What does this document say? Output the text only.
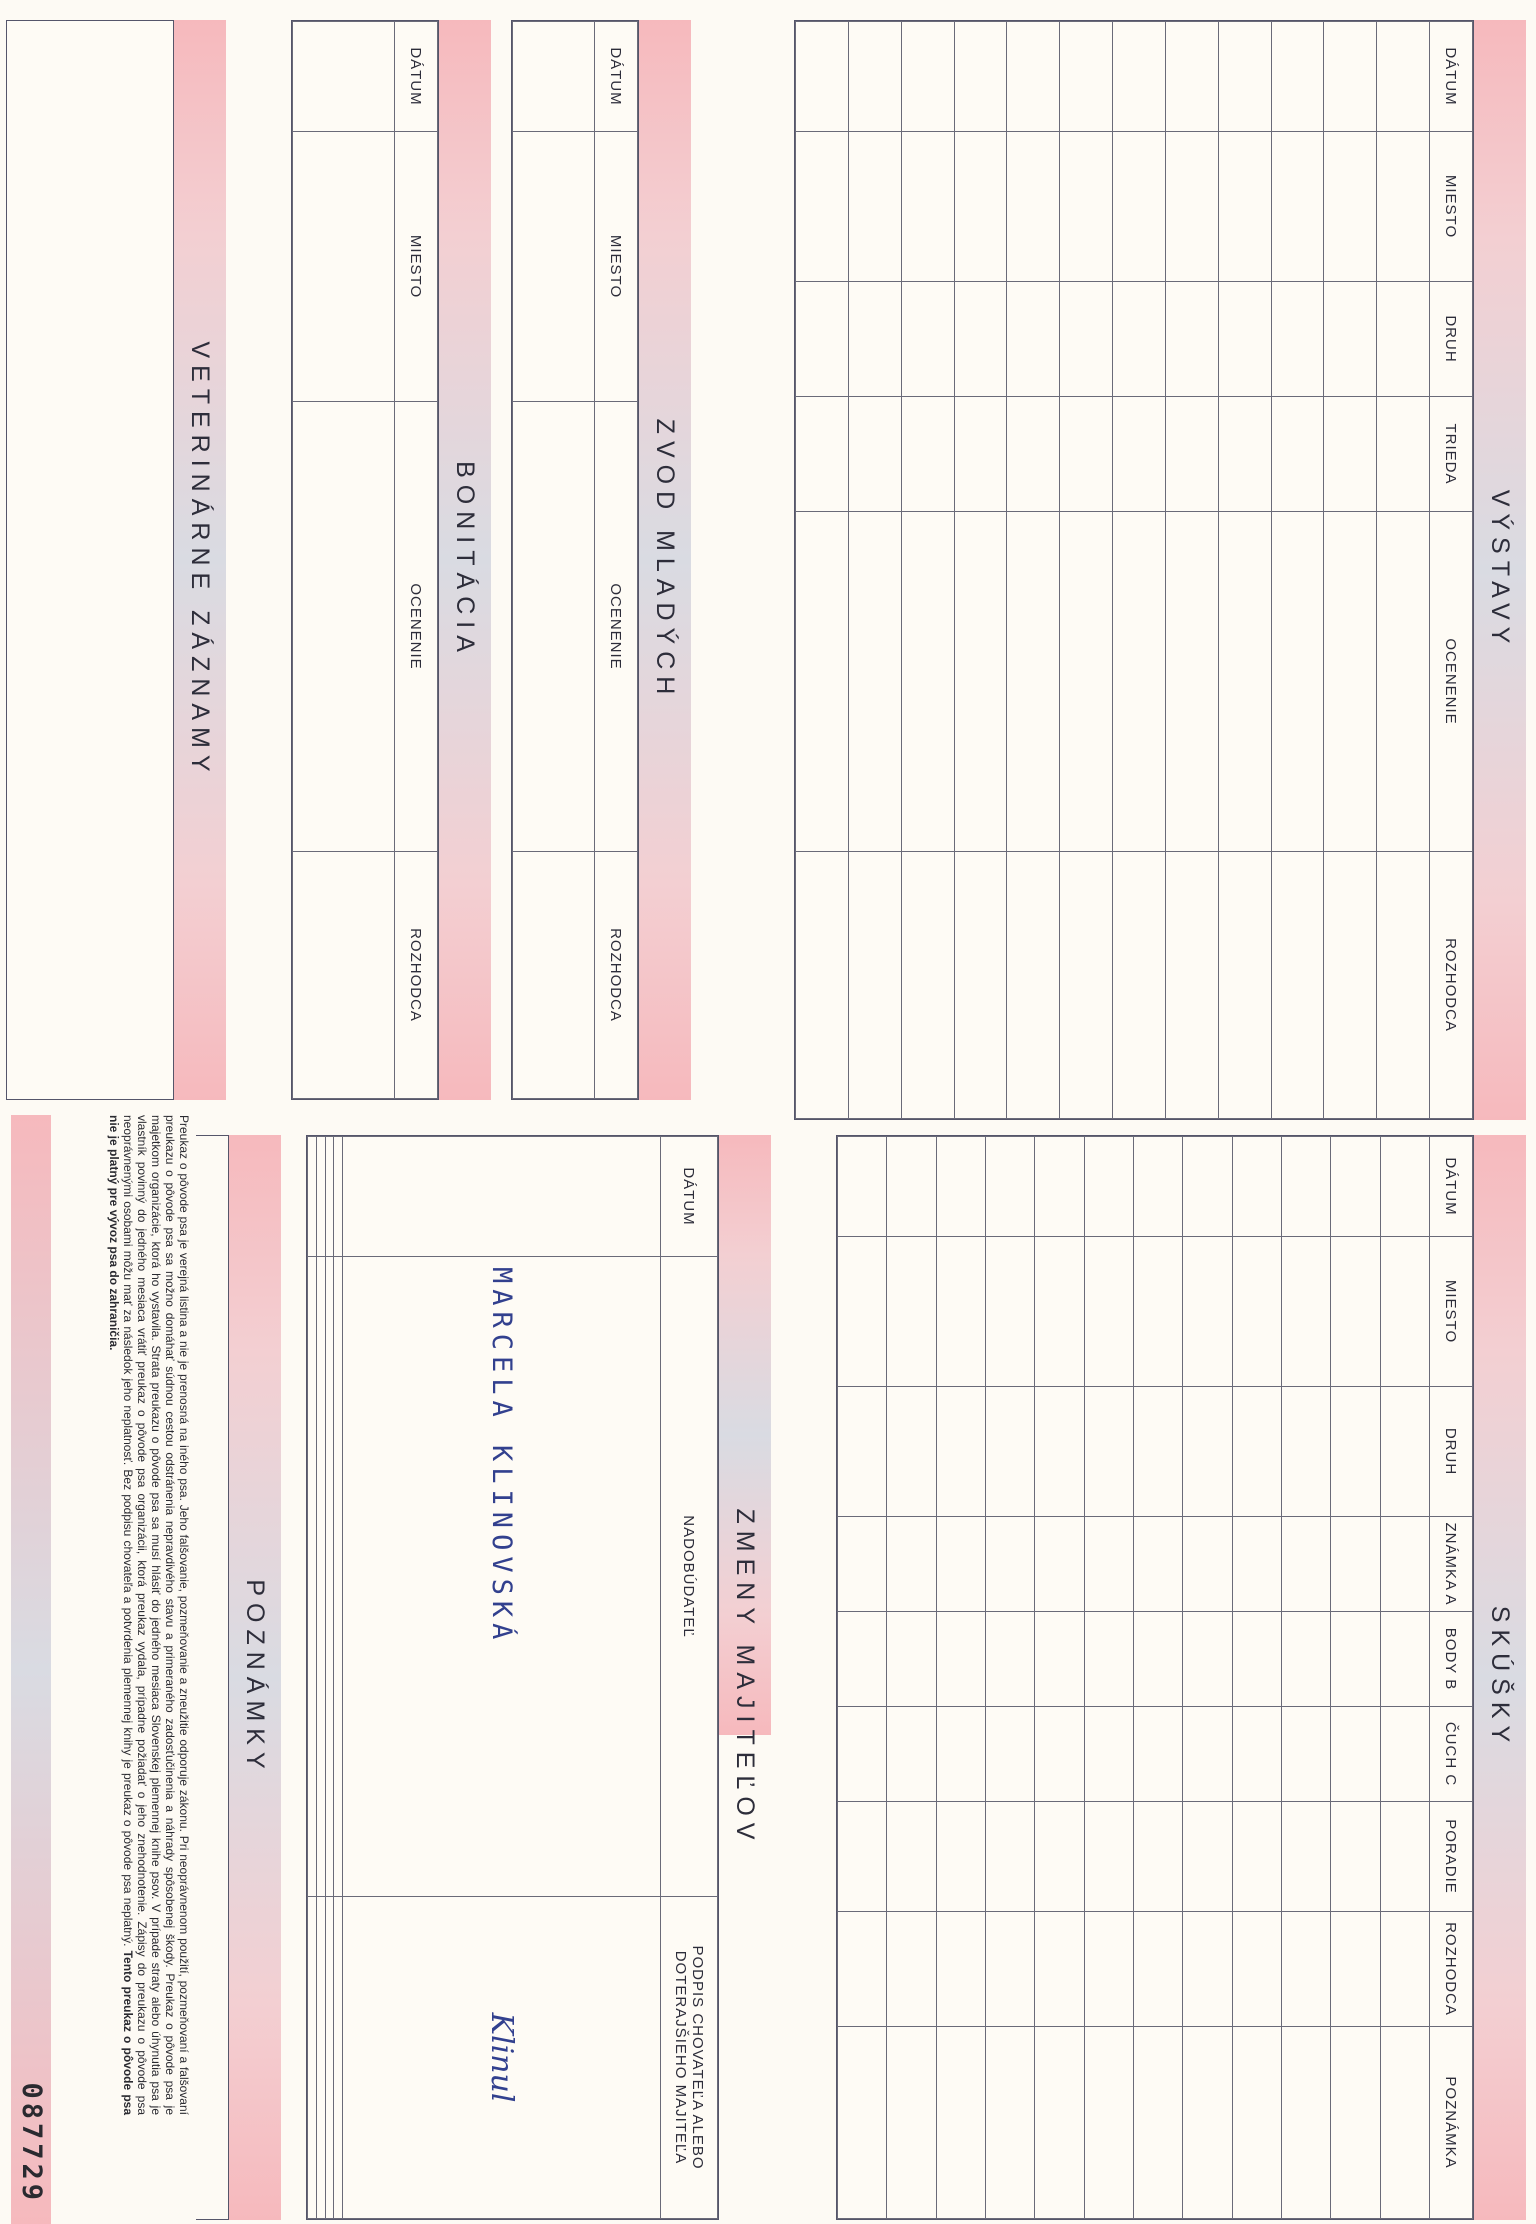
VÝSTAVY
DÁTUM	MIESTO	DRUH	TRIEDA	OCENENIE	ROZHODCA

SKÚŠKY
DÁTUM	MIESTO	DRUH	ZNÁMKA A	BODY B	ČUCH C	PORADIE	ROZHODCA	POZNÁMKA

ZVOD MLADÝCH
DÁTUM	MIESTO	OCENENIE	ROZHODCA

BONITÁCIA
DÁTUM	MIESTO	OCENENIE	ROZHODCA

VETERINÁRNE ZÁZNAMY
ZMENY MAJITEĽOV
DÁTUM	NADOBÚDATEĽ	PODPIS CHOVATEĽA ALEBO DOTERAJŠIEHO MAJITEĽA
	MARCELA KLINOVSKÁ	Klinul

POZNÁMKY
Preukaz o pôvode psa je verejná listina a nie je prenosná na iného psa. Jeho falšovanie, pozmeňovanie a zneužitie odporuje zákonu. Pri neoprávnenom použití, pozmeňovaní a falšovaní preukazu o pôvode psa sa možno domáhať súdnou cestou odstránenia nepravdivého stavu a primeraného zadosťučinenia a náhrady spôsobenej škody. Preukaz o pôvode psa je majetkom organizácie, ktorá ho vystavila. Strata preukazu o pôvode psa sa musí hlásiť do jedného mesiaca Slovenskej plemennej knihe psov. V prípade straty alebo úhynutia psa je vlastník povinný do jedného mesiaca vrátiť preukaz o pôvode psa organizácii, ktorá preukaz vydala, prípadne požiadať o jeho znehodnotenie. Zápisy do preukazu o pôvode psa neoprávnenými osobami môžu mať za následok jeho neplatnosť. Bez podpisu chovateľa a potvrdenia plemennej knihy je preukaz o pôvode psa neplatný. Tento preukaz o pôvode psa nie je platný pre vývoz psa do zahraničia.
087729
